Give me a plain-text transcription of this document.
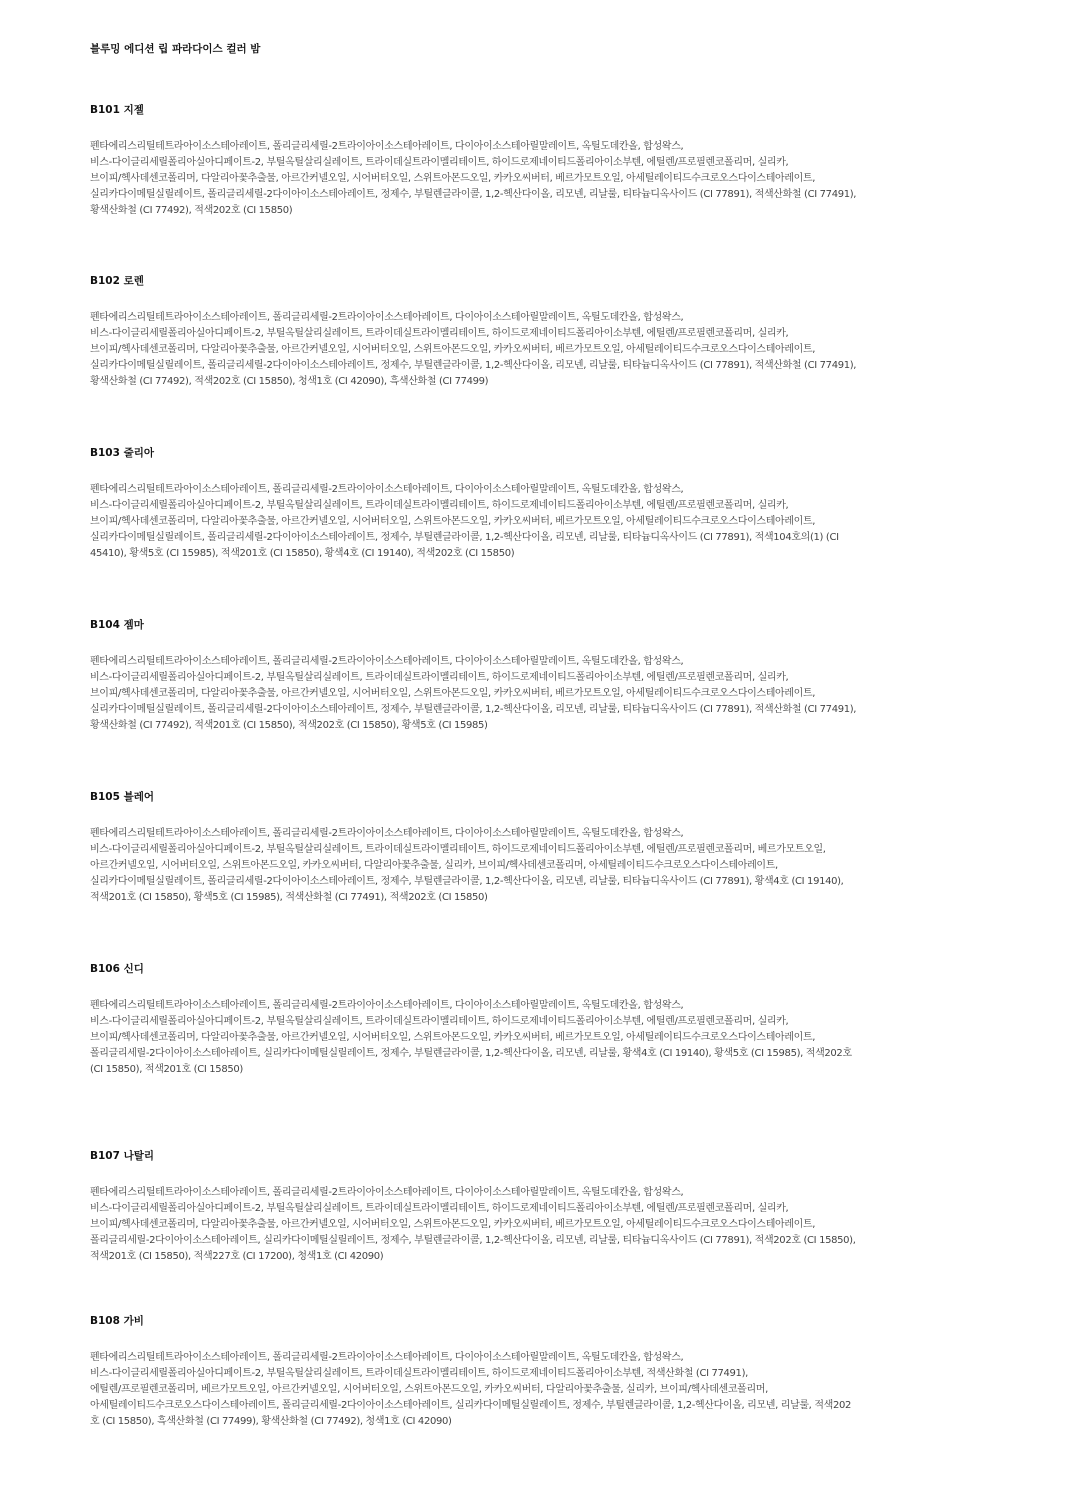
블루밍 에디션 립 파라다이스 컬러 밤
B101 지젤

펜타에리스리틸테트라아이소스테아레이트, 폴리글리세릴-2트라이아이소스테아레이트, 다이아이소스테아릴말레이트, 옥틸도데칸올, 합성왁스,
비스-다이글리세릴폴리아실아디페이트-2, 부틸옥틸살리실레이트, 트라이데실트라이멜리테이트, 하이드로제네이티드폴리아이소부텐, 에틸렌/프로필렌코폴리머, 실리카,
브이피/헥사데센코폴리머, 다알리아꽃추출물, 아르간커넬오일, 시어버터오일, 스위트아몬드오일, 카카오씨버터, 베르가모트오일, 아세틸레이티드수크로오스다이스테아레이트,
실리카다이메틸실릴레이트, 폴리글리세릴-2다이아이소스테아레이트, 정제수, 부틸렌글라이콜, 1,2-헥산다이올, 리모넨, 리날룰, 티타늄디옥사이드 (CI 77891), 적색산화철 (CI 77491),
황색산화철 (CI 77492), 적색202호 (CI 15850)

B102 로렌

펜타에리스리틸테트라아이소스테아레이트, 폴리글리세릴-2트라이아이소스테아레이트, 다이아이소스테아릴말레이트, 옥틸도데칸올, 합성왁스,
비스-다이글리세릴폴리아실아디페이트-2, 부틸옥틸살리실레이트, 트라이데실트라이멜리테이트, 하이드로제네이티드폴리아이소부텐, 에틸렌/프로필렌코폴리머, 실리카,
브이피/헥사데센코폴리머, 다알리아꽃추출물, 아르간커넬오일, 시어버터오일, 스위트아몬드오일, 카카오씨버터, 베르가모트오일, 아세틸레이티드수크로오스다이스테아레이트,
실리카다이메틸실릴레이트, 폴리글리세릴-2다이아이소스테아레이트, 정제수, 부틸렌글라이콜, 1,2-헥산다이올, 리모넨, 리날룰, 티타늄디옥사이드 (CI 77891), 적색산화철 (CI 77491),
황색산화철 (CI 77492), 적색202호 (CI 15850), 청색1호 (CI 42090), 흑색산화철 (CI 77499)

B103 줄리아

펜타에리스리틸테트라아이소스테아레이트, 폴리글리세릴-2트라이아이소스테아레이트, 다이아이소스테아릴말레이트, 옥틸도데칸올, 합성왁스,
비스-다이글리세릴폴리아실아디페이트-2, 부틸옥틸살리실레이트, 트라이데실트라이멜리테이트, 하이드로제네이티드폴리아이소부텐, 에틸렌/프로필렌코폴리머, 실리카,
브이피/헥사데센코폴리머, 다알리아꽃추출물, 아르간커넬오일, 시어버터오일, 스위트아몬드오일, 카카오씨버터, 베르가모트오일, 아세틸레이티드수크로오스다이스테아레이트,
실리카다이메틸실릴레이트, 폴리글리세릴-2다이아이소스테아레이트, 정제수, 부틸렌글라이콜, 1,2-헥산다이올, 리모넨, 리날룰, 티타늄디옥사이드 (CI 77891), 적색104호의(1) (CI
45410), 황색5호 (CI 15985), 적색201호 (CI 15850), 황색4호 (CI 19140), 적색202호 (CI 15850)

B104 젬마

펜타에리스리틸테트라아이소스테아레이트, 폴리글리세릴-2트라이아이소스테아레이트, 다이아이소스테아릴말레이트, 옥틸도데칸올, 합성왁스,
비스-다이글리세릴폴리아실아디페이트-2, 부틸옥틸살리실레이트, 트라이데실트라이멜리테이트, 하이드로제네이티드폴리아이소부텐, 에틸렌/프로필렌코폴리머, 실리카,
브이피/헥사데센코폴리머, 다알리아꽃추출물, 아르간커넬오일, 시어버터오일, 스위트아몬드오일, 카카오씨버터, 베르가모트오일, 아세틸레이티드수크로오스다이스테아레이트,
실리카다이메틸실릴레이트, 폴리글리세릴-2다이아이소스테아레이트, 정제수, 부틸렌글라이콜, 1,2-헥산다이올, 리모넨, 리날룰, 티타늄디옥사이드 (CI 77891), 적색산화철 (CI 77491),
황색산화철 (CI 77492), 적색201호 (CI 15850), 적색202호 (CI 15850), 황색5호 (CI 15985)

B105 블레어

펜타에리스리틸테트라아이소스테아레이트, 폴리글리세릴-2트라이아이소스테아레이트, 다이아이소스테아릴말레이트, 옥틸도데칸올, 합성왁스,
비스-다이글리세릴폴리아실아디페이트-2, 부틸옥틸살리실레이트, 트라이데실트라이멜리테이트, 하이드로제네이티드폴리아이소부텐, 에틸렌/프로필렌코폴리머, 베르가모트오일,
아르간커넬오일, 시어버터오일, 스위트아몬드오일, 카카오씨버터, 다알리아꽃추출물, 실리카, 브이피/헥사데센코폴리머, 아세틸레이티드수크로오스다이스테아레이트,
실리카다이메틸실릴레이트, 폴리글리세릴-2다이아이소스테아레이트, 정제수, 부틸렌글라이콜, 1,2-헥산다이올, 리모넨, 리날룰, 티타늄디옥사이드 (CI 77891), 황색4호 (CI 19140),
적색201호 (CI 15850), 황색5호 (CI 15985), 적색산화철 (CI 77491), 적색202호 (CI 15850)

B106 신디

펜타에리스리틸테트라아이소스테아레이트, 폴리글리세릴-2트라이아이소스테아레이트, 다이아이소스테아릴말레이트, 옥틸도데칸올, 합성왁스,
비스-다이글리세릴폴리아실아디페이트-2, 부틸옥틸살리실레이트, 트라이데실트라이멜리테이트, 하이드로제네이티드폴리아이소부텐, 에틸렌/프로필렌코폴리머, 실리카,
브이피/헥사데센코폴리머, 다알리아꽃추출물, 아르간커넬오일, 시어버터오일, 스위트아몬드오일, 카카오씨버터, 베르가모트오일, 아세틸레이티드수크로오스다이스테아레이트,
폴리글리세릴-2다이아이소스테아레이트, 실리카다이메틸실릴레이트, 정제수, 부틸렌글라이콜, 1,2-헥산다이올, 리모넨, 리날룰, 황색4호 (CI 19140), 황색5호 (CI 15985), 적색202호
(CI 15850), 적색201호 (CI 15850)

B107 나탈리

펜타에리스리틸테트라아이소스테아레이트, 폴리글리세릴-2트라이아이소스테아레이트, 다이아이소스테아릴말레이트, 옥틸도데칸올, 합성왁스,
비스-다이글리세릴폴리아실아디페이트-2, 부틸옥틸살리실레이트, 트라이데실트라이멜리테이트, 하이드로제네이티드폴리아이소부텐, 에틸렌/프로필렌코폴리머, 실리카,
브이피/헥사데센코폴리머, 다알리아꽃추출물, 아르간커넬오일, 시어버터오일, 스위트아몬드오일, 카카오씨버터, 베르가모트오일, 아세틸레이티드수크로오스다이스테아레이트,
폴리글리세릴-2다이아이소스테아레이트, 실리카다이메틸실릴레이트, 정제수, 부틸렌글라이콜, 1,2-헥산다이올, 리모넨, 리날룰, 티타늄디옥사이드 (CI 77891), 적색202호 (CI 15850),
적색201호 (CI 15850), 적색227호 (CI 17200), 청색1호 (CI 42090)

B108 가비

펜타에리스리틸테트라아이소스테아레이트, 폴리글리세릴-2트라이아이소스테아레이트, 다이아이소스테아릴말레이트, 옥틸도데칸올, 합성왁스,
비스-다이글리세릴폴리아실아디페이트-2, 부틸옥틸살리실레이트, 트라이데실트라이멜리테이트, 하이드로제네이티드폴리아이소부텐, 적색산화철 (CI 77491),
에틸렌/프로필렌코폴리머, 베르가모트오일, 아르간커넬오일, 시어버터오일, 스위트아몬드오일, 카카오씨버터, 다알리아꽃추출물, 실리카, 브이피/헥사데센코폴리머,
아세틸레이티드수크로오스다이스테아레이트, 폴리글리세릴-2다이아이소스테아레이트, 실리카다이메틸실릴레이트, 정제수, 부틸렌글라이콜, 1,2-헥산다이올, 리모넨, 리날룰, 적색202
호 (CI 15850), 흑색산화철 (CI 77499), 황색산화철 (CI 77492), 청색1호 (CI 42090)
